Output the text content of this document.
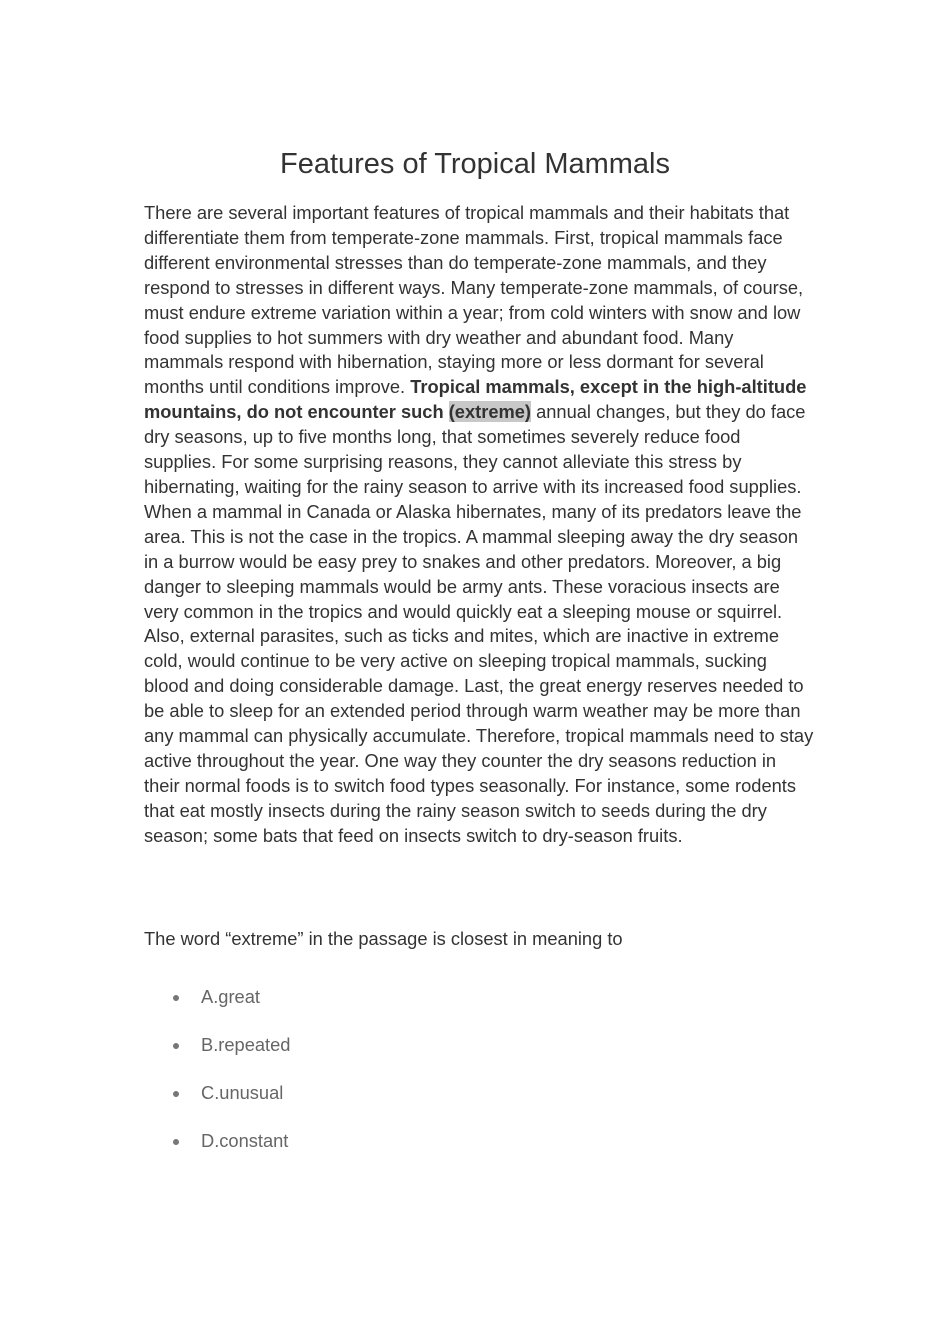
Features of Tropical Mammals

There are several important features of tropical mammals and their habitats that differentiate them from temperate-zone mammals. First, tropical mammals face different environmental stresses than do temperate-zone mammals, and they respond to stresses in different ways. Many temperate-zone mammals, of course, must endure extreme variation within a year; from cold winters with snow and low food supplies to hot summers with dry weather and abundant food. Many mammals respond with hibernation, staying more or less dormant for several months until conditions improve. Tropical mammals, except in the high-altitude mountains, do not encounter such (extreme) annual changes, but they do face dry seasons, up to five months long, that sometimes severely reduce food supplies. For some surprising reasons, they cannot alleviate this stress by hibernating, waiting for the rainy season to arrive with its increased food supplies. When a mammal in Canada or Alaska hibernates, many of its predators leave the area. This is not the case in the tropics. A mammal sleeping away the dry season in a burrow would be easy prey to snakes and other predators. Moreover, a big danger to sleeping mammals would be army ants. These voracious insects are very common in the tropics and would quickly eat a sleeping mouse or squirrel. Also, external parasites, such as ticks and mites, which are inactive in extreme cold, would continue to be very active on sleeping tropical mammals, sucking blood and doing considerable damage. Last, the great energy reserves needed to be able to sleep for an extended period through warm weather may be more than any mammal can physically accumulate. Therefore, tropical mammals need to stay active throughout the year. One way they counter the dry seasons reduction in their normal foods is to switch food types seasonally. For instance, some rodents that eat mostly insects during the rainy season switch to seeds during the dry season; some bats that feed on insects switch to dry-season fruits.

The word “extreme” in the passage is closest in meaning to

A.great
B.repeated
C.unusual
D.constant
